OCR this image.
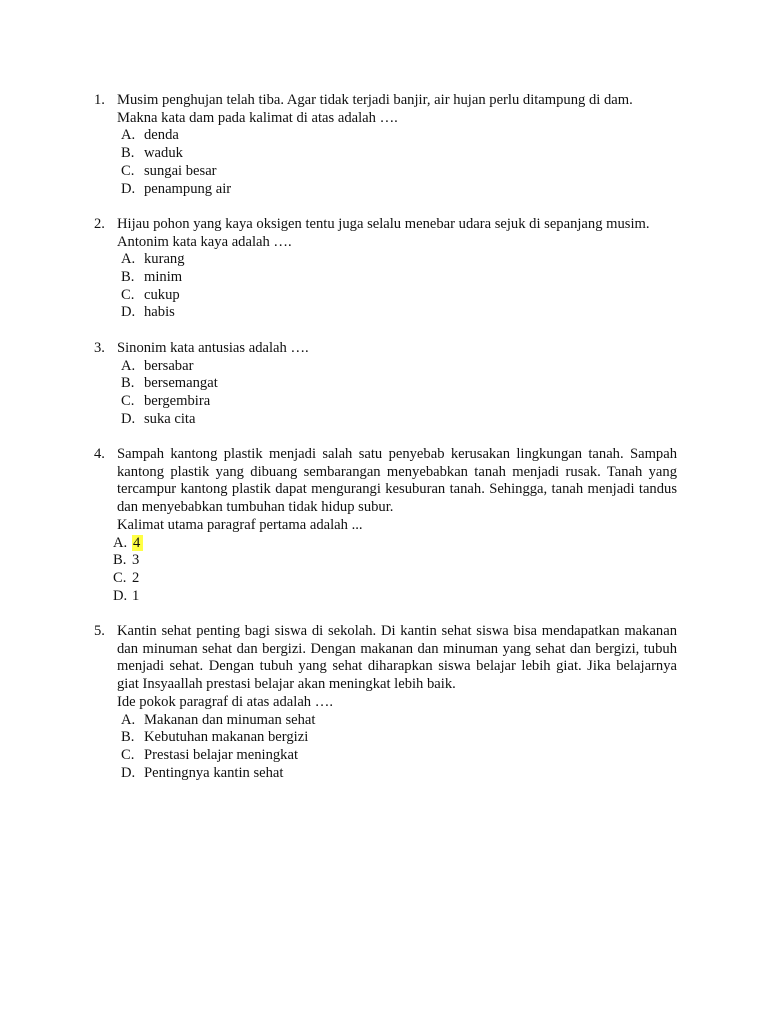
1. Musim penghujan telah tiba. Agar tidak terjadi banjir, air hujan perlu ditampung di dam.

Makna kata dam pada kalimat di atas adalah ….

A. denda
B. waduk
C. sungai besar
D. penampung air
2. Hijau pohon yang kaya oksigen tentu juga selalu menebar udara sejuk di sepanjang musim.

Antonim kata kaya adalah ….

A. kurang
B. minim
C. cukup
D. habis
3. Sinonim kata antusias adalah ….

A. bersabar
B. bersemangat
C. bergembira
D. suka cita
4. Sampah kantong plastik menjadi salah satu penyebab kerusakan lingkungan tanah. Sampah kantong plastik yang dibuang sembarangan menyebabkan tanah menjadi rusak. Tanah yang tercampur kantong plastik dapat mengurangi kesuburan tanah. Sehingga, tanah menjadi tandus dan menyebabkan tumbuhan tidak hidup subur.

Kalimat utama paragraf pertama adalah ...

A. 4
B. 3
C. 2
D. 1
5. Kantin sehat penting bagi siswa di sekolah. Di kantin sehat siswa bisa mendapatkan makanan dan minuman sehat dan bergizi. Dengan makanan dan minuman yang sehat dan bergizi, tubuh menjadi sehat. Dengan tubuh yang sehat diharapkan siswa belajar lebih giat. Jika belajarnya giat Insyaallah prestasi belajar akan meningkat lebih baik.

Ide pokok paragraf di atas adalah ….

A. Makanan dan minuman sehat
B. Kebutuhan makanan bergizi
C. Prestasi belajar meningkat
D. Pentingnya kantin sehat
